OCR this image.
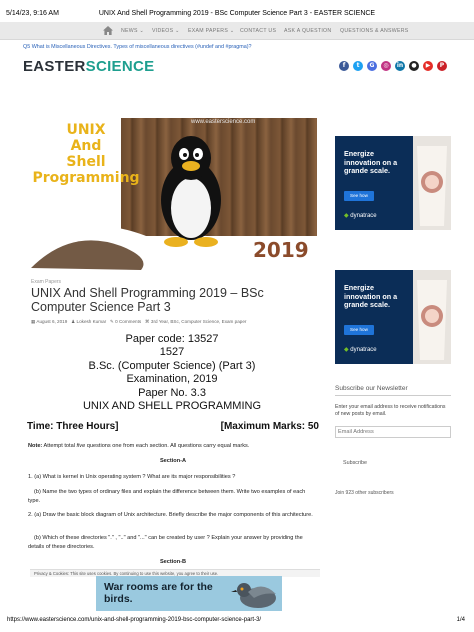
5/14/23, 9:16 AM	UNIX And Shell Programming 2019 - BSc Computer Science Part 3 - EASTER SCIENCE
NEWS ⌄ VIDEOS ⌄ EXAM PAPERS ⌄ CONTACT US ASK A QUESTION QUESTIONS & ANSWERS
Q5 What is Miscellaneous Directives. Types of miscellaneous directives (#undef and #pragma)?
EASTERSCIENCE	f	t	G	◎	in	●	▶	P
www.easterscience.com
UNIX
And
Shell
Programming
2019
Exam Papers
UNIX And Shell Programming 2019 – BSc Computer Science Part 3
▦ August 6, 2019 ♟ Lokesh Kumar ✎ 0 Comments ⌘ 3rd Year, BSc, Computer Science, Exam paper
Paper code: 13527
1527
B.Sc. (Computer Science) (Part 3)
Examination, 2019
Paper No. 3.3
UNIX AND SHELL PROGRAMMING
Time: Three Hours]	[Maximum Marks: 50

Note: Attempt total five questions one from each section. All questions carry equal marks.

Section-A

1. (a) What is kernel in Unix operating system ? What are its major responsibilities ?

(b) Name the two types of ordinary files and explain the difference between them. Write two examples of each type.

2. (a) Draw the basic block diagram of Unix architecture. Briefly describe the major components of this architecture.

(b) Which of these directories "." , ".." and "..." can be created by user ? Explain your answer by providing the details of these directories.

Section-B

Energize innovation on a grande scale.
See how
◆ dynatrace
Energize innovation on a grande scale.
See how
◆ dynatrace
Subscribe our Newsletter

Enter your email address to receive notifications of new posts by email.

Email Address
Subscribe

Join 923 other subscribers

Privacy & Cookies: This site uses cookies. By continuing to use this website, you agree to their use.
War rooms are for the birds.
https://www.easterscience.com/unix-and-shell-programming-2019-bsc-computer-science-part-3/	1/4
